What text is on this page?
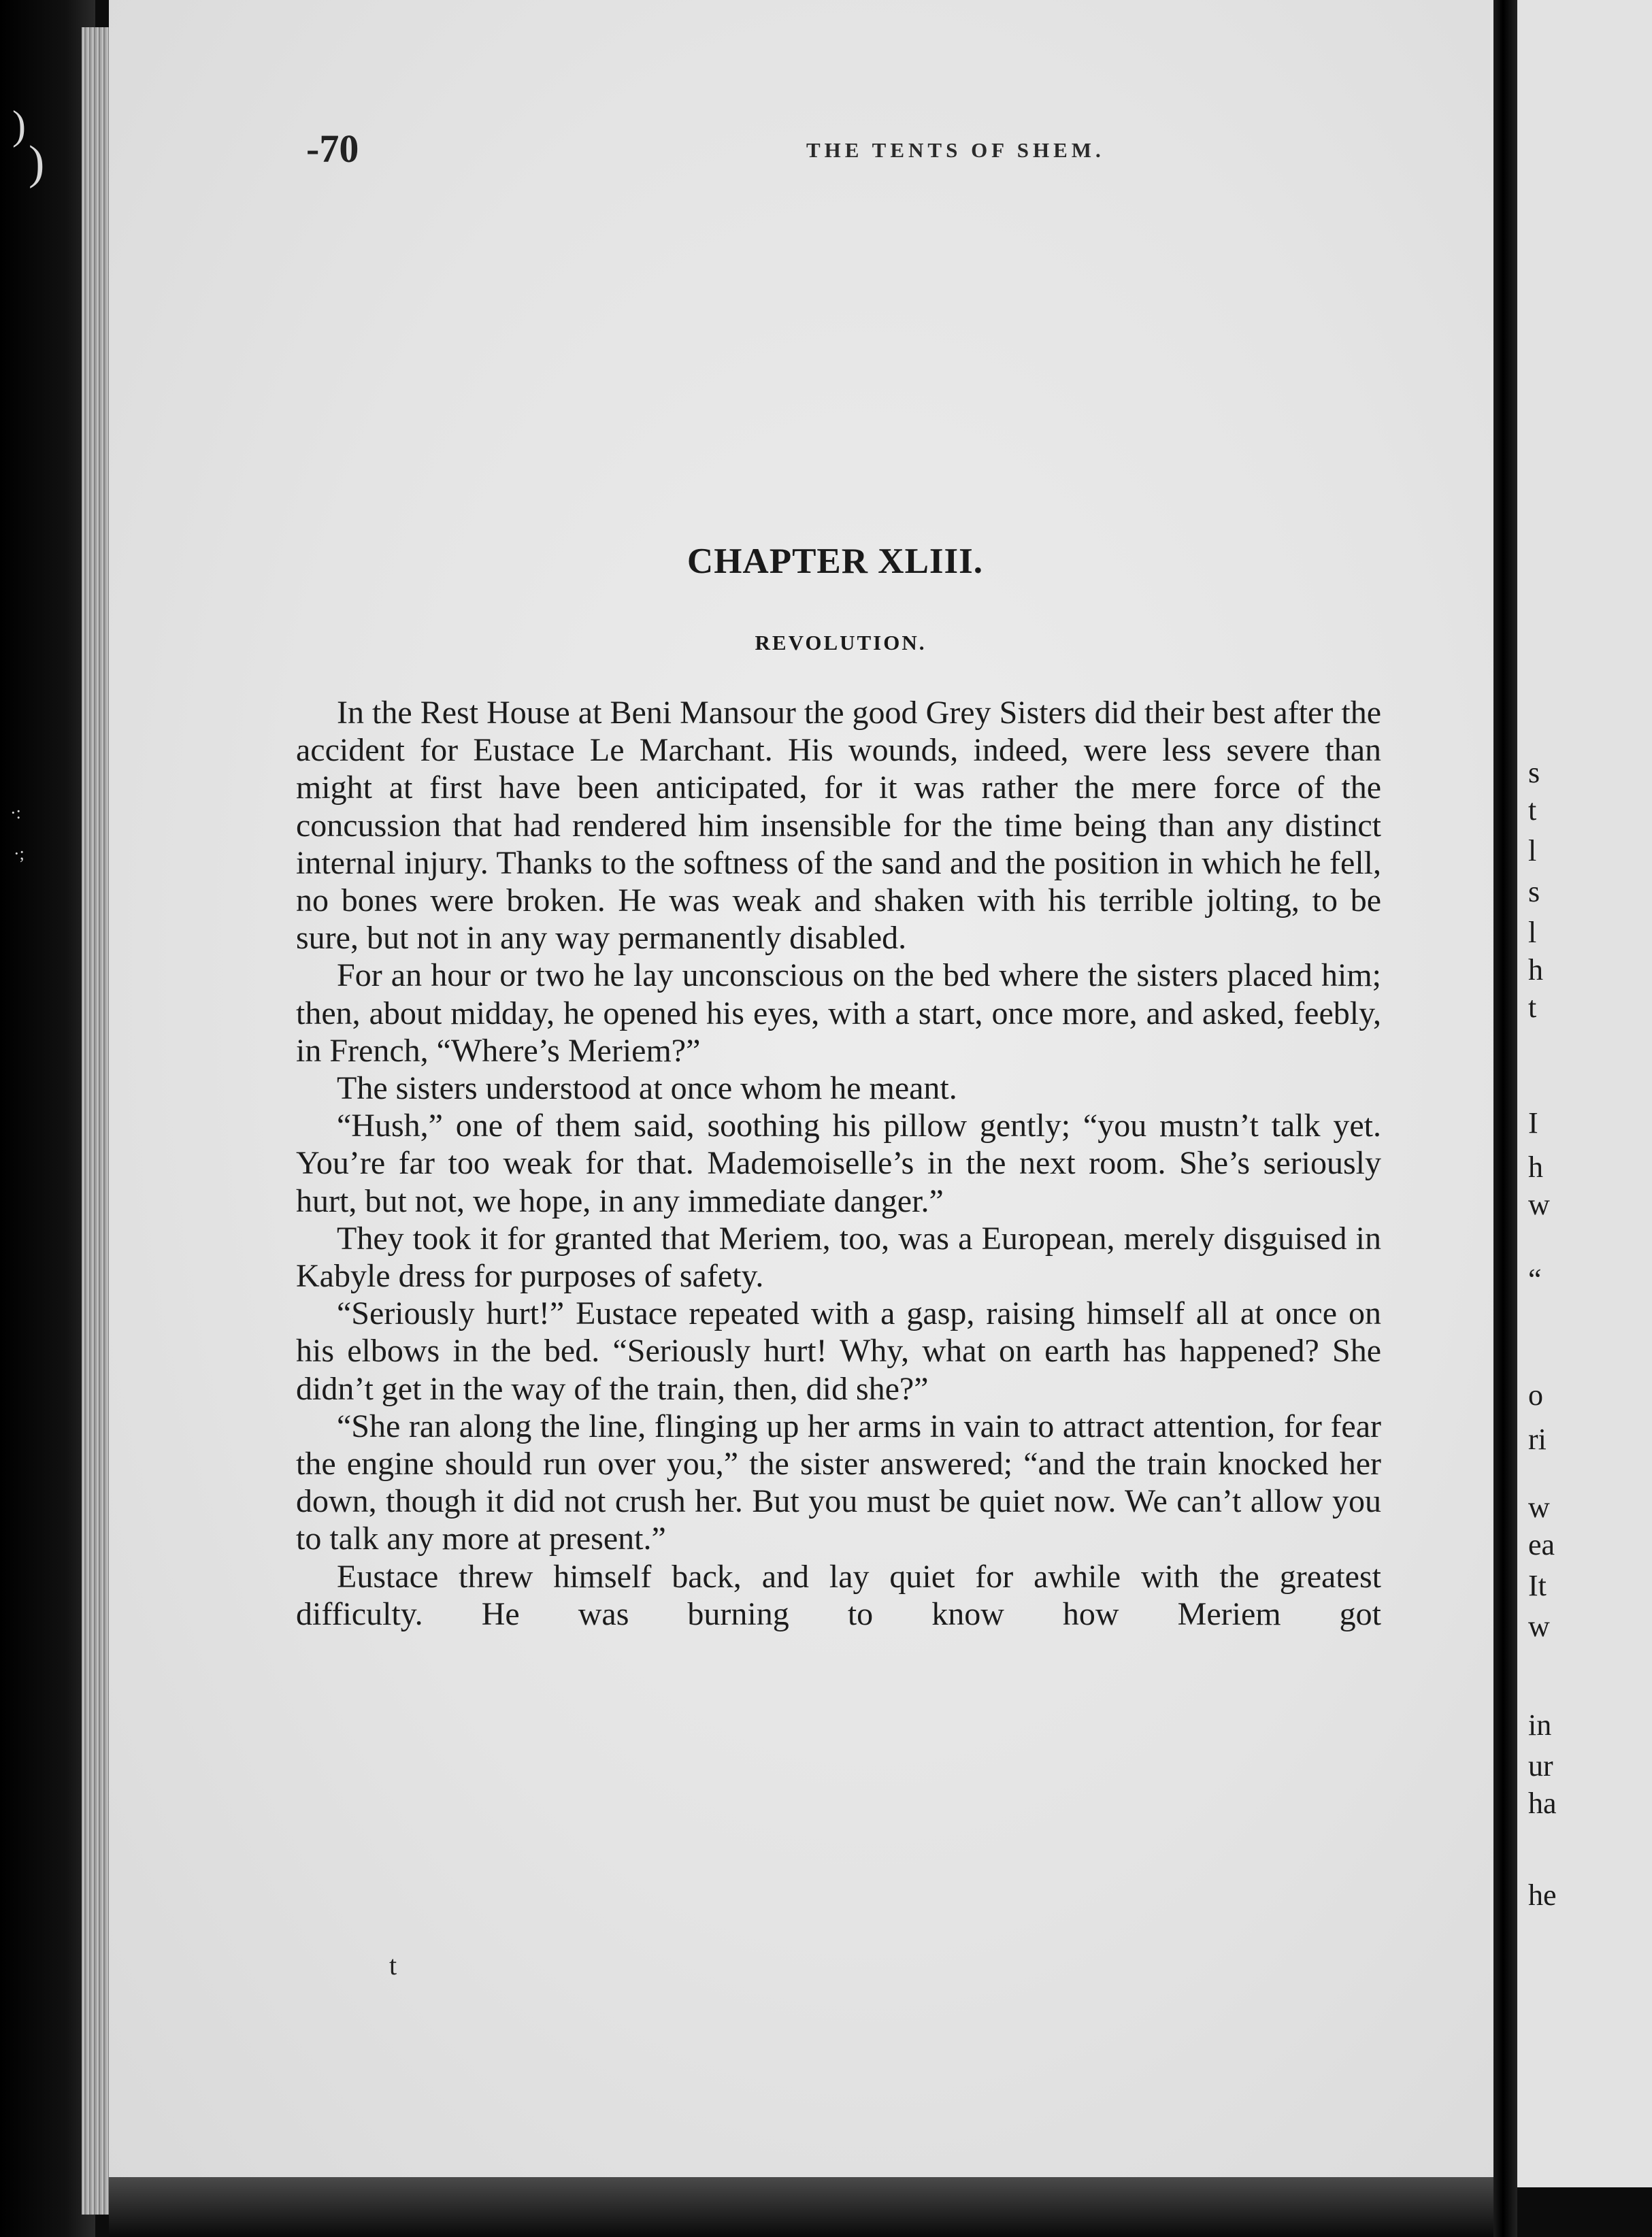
)
)
·:
·;
-70	THE TENTS OF SHEM.
CHAPTER XLIII.
REVOLUTION.

In the Rest House at Beni Mansour the good Grey Sisters did their best after the accident for Eustace Le Marchant. His wounds, indeed, were less severe than might at first have been anticipated, for it was rather the mere force of the concussion that had rendered him insensible for the time being than any distinct internal injury. Thanks to the softness of the sand and the position in which he fell, no bones were broken. He was weak and shaken with his terrible jolting, to be sure, but not in any way permanently disabled.

For an hour or two he lay unconscious on the bed where the sisters placed him; then, about midday, he opened his eyes, with a start, once more, and asked, feebly, in French, “Where’s Meriem?”

The sisters understood at once whom he meant.

“Hush,” one of them said, soothing his pillow gently; “you mustn’t talk yet. You’re far too weak for that. Mademoiselle’s in the next room. She’s seriously hurt, but not, we hope, in any immediate danger.”

They took it for granted that Meriem, too, was a European, merely disguised in Kabyle dress for purposes of safety.

“Seriously hurt!” Eustace repeated with a gasp, raising himself all at once on his elbows in the bed. “Seriously hurt! Why, what on earth has happened? She didn’t get in the way of the train, then, did she?”

“She ran along the line, flinging up her arms in vain to attract attention, for fear the engine should run over you,” the sister answered; “and the train knocked her down, though it did not crush her. But you must be quiet now. We can’t allow you to talk any more at present.”

Eustace threw himself back, and lay quiet for awhile with the greatest difficulty. He was burning to know how Meriem got

t
s
t
l
s
l
h
t
I
h
w
“
o
ri
w
ea
It
w
in
ur
ha
he
